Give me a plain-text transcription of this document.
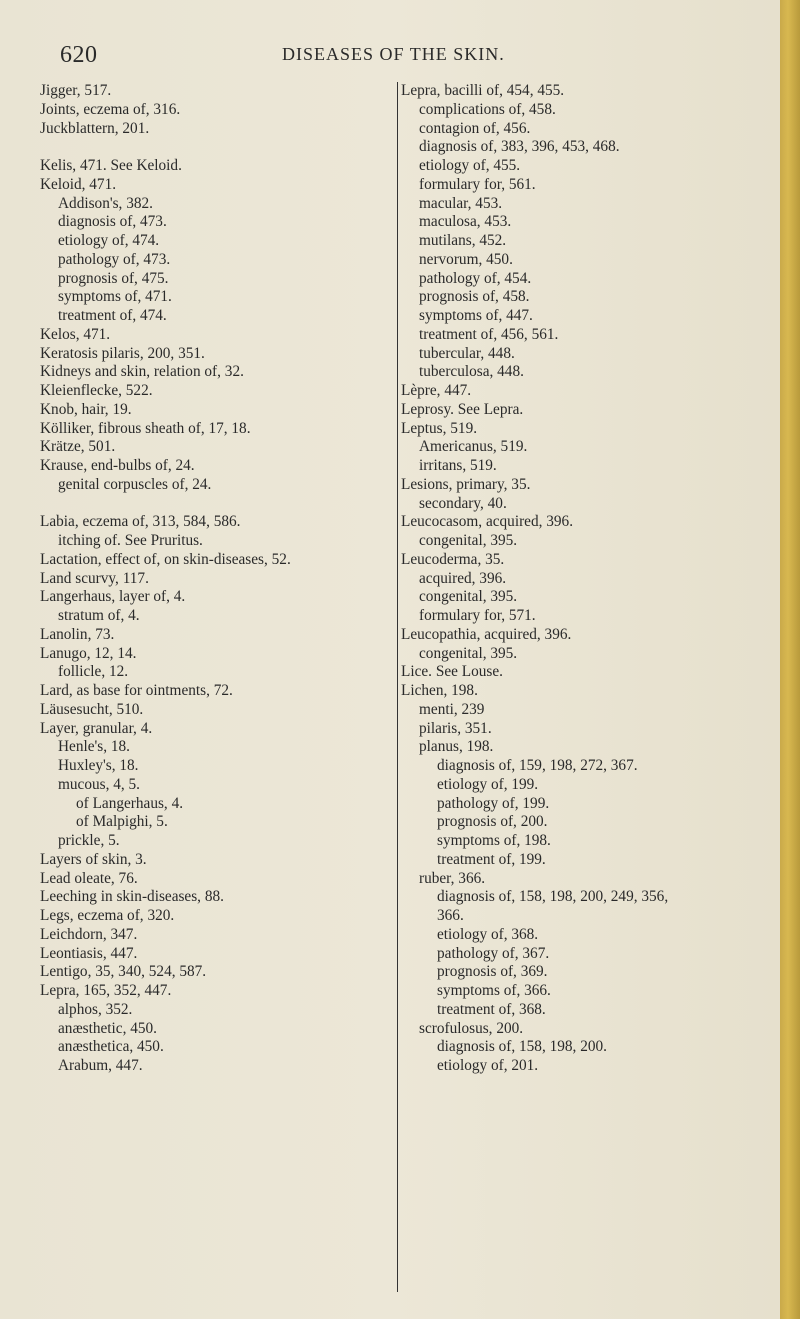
620	DISEASES OF THE SKIN.
Jigger, 517.
Joints, eczema of, 316.
Juckblattern, 201.
Kelis, 471. See Keloid.
Keloid, 471.
Addison's, 382.
diagnosis of, 473.
etiology of, 474.
pathology of, 473.
prognosis of, 475.
symptoms of, 471.
treatment of, 474.
Kelos, 471.
Keratosis pilaris, 200, 351.
Kidneys and skin, relation of, 32.
Kleienflecke, 522.
Knob, hair, 19.
Kölliker, fibrous sheath of, 17, 18.
Krätze, 501.
Krause, end-bulbs of, 24.
genital corpuscles of, 24.
Labia, eczema of, 313, 584, 586.
itching of. See Pruritus.
Lactation, effect of, on skin-diseases, 52.
Land scurvy, 117.
Langerhaus, layer of, 4.
stratum of, 4.
Lanolin, 73.
Lanugo, 12, 14.
follicle, 12.
Lard, as base for ointments, 72.
Läusesucht, 510.
Layer, granular, 4.
Henle's, 18.
Huxley's, 18.
mucous, 4, 5.
of Langerhaus, 4.
of Malpighi, 5.
prickle, 5.
Layers of skin, 3.
Lead oleate, 76.
Leeching in skin-diseases, 88.
Legs, eczema of, 320.
Leichdorn, 347.
Leontiasis, 447.
Lentigo, 35, 340, 524, 587.
Lepra, 165, 352, 447.
alphos, 352.
anæsthetic, 450.
anæsthetica, 450.
Arabum, 447.
Lepra, bacilli of, 454, 455.
complications of, 458.
contagion of, 456.
diagnosis of, 383, 396, 453, 468.
etiology of, 455.
formulary for, 561.
macular, 453.
maculosa, 453.
mutilans, 452.
nervorum, 450.
pathology of, 454.
prognosis of, 458.
symptoms of, 447.
treatment of, 456, 561.
tubercular, 448.
tuberculosa, 448.
Lèpre, 447.
Leprosy. See Lepra.
Leptus, 519.
Americanus, 519.
irritans, 519.
Lesions, primary, 35.
secondary, 40.
Leucocasom, acquired, 396.
congenital, 395.
Leucoderma, 35.
acquired, 396.
congenital, 395.
formulary for, 571.
Leucopathia, acquired, 396.
congenital, 395.
Lice. See Louse.
Lichen, 198.
menti, 239
pilaris, 351.
planus, 198.
diagnosis of, 159, 198, 272, 367.
etiology of, 199.
pathology of, 199.
prognosis of, 200.
symptoms of, 198.
treatment of, 199.
ruber, 366.
diagnosis of, 158, 198, 200, 249, 356,
366.
etiology of, 368.
pathology of, 367.
prognosis of, 369.
symptoms of, 366.
treatment of, 368.
scrofulosus, 200.
diagnosis of, 158, 198, 200.
etiology of, 201.
